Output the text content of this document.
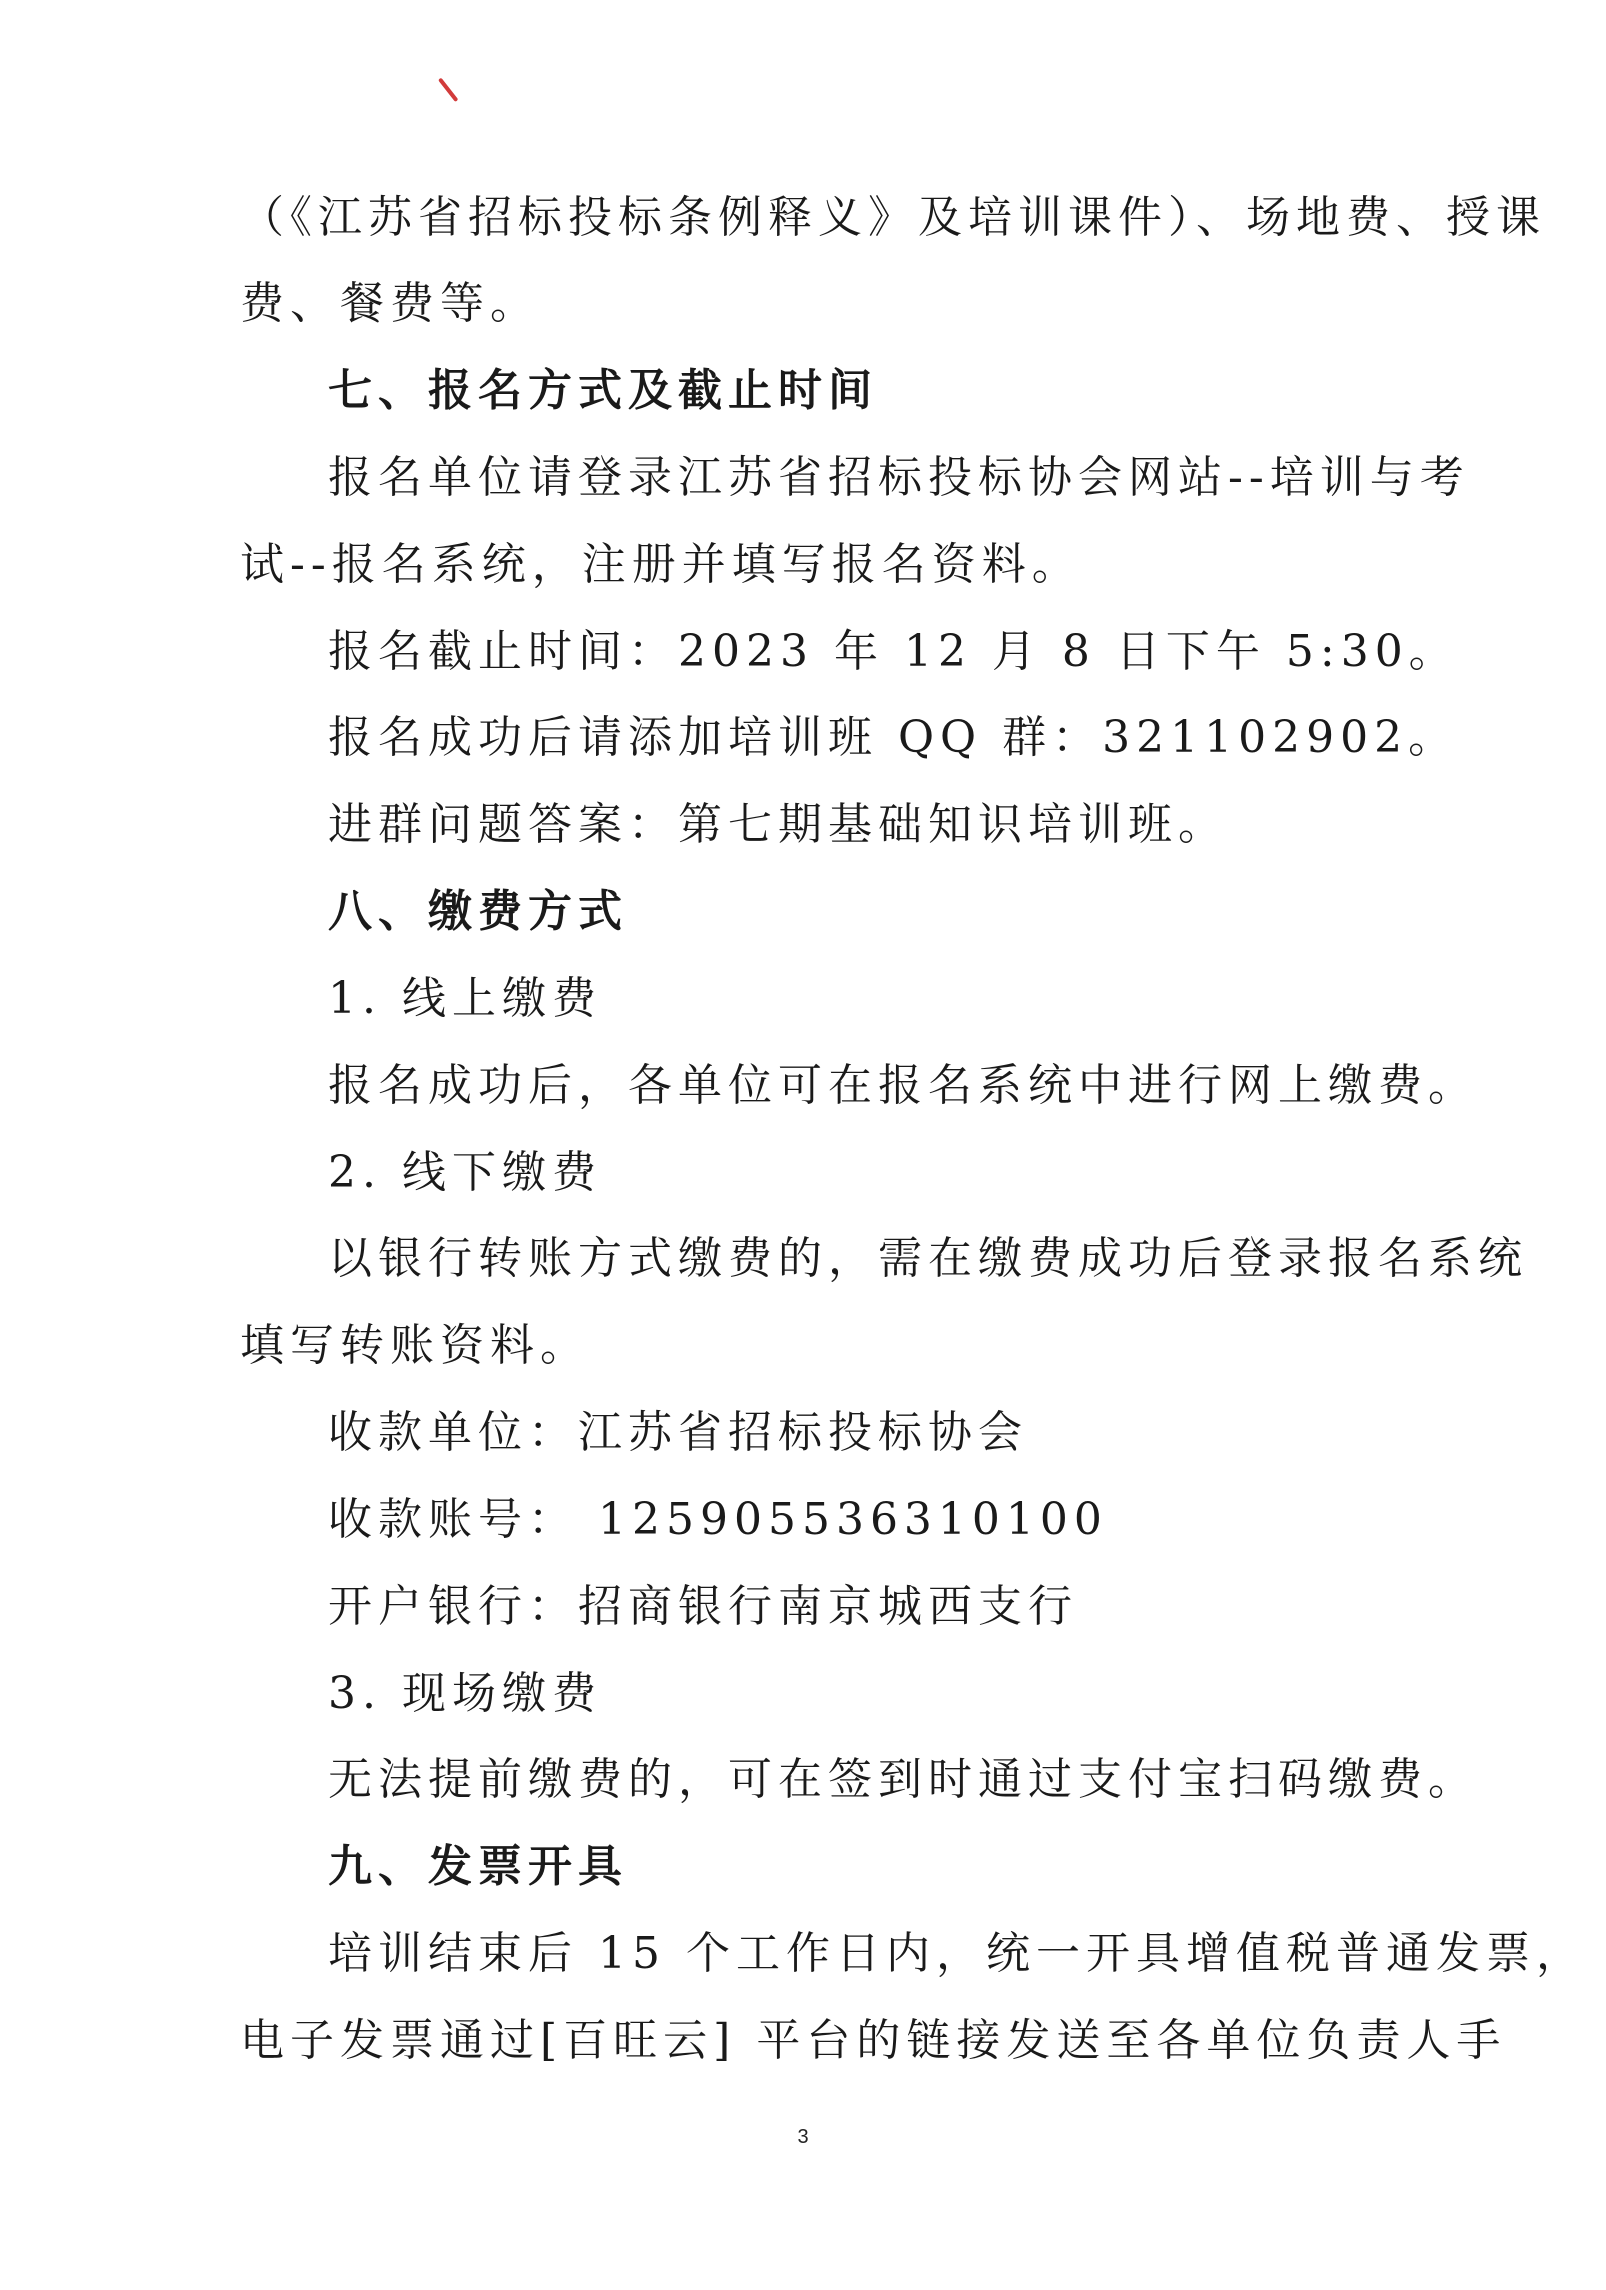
（《江苏省招标投标条例释义》及培训课件）、场地费、授课
费、餐费等。
七、报名方式及截止时间
报名单位请登录江苏省招标投标协会网站--培训与考
试--报名系统，注册并填写报名资料。
报名截止时间：2023 年 12 月 8 日下午 5:30。
报名成功后请添加培训班 QQ 群：321102902。
进群问题答案：第七期基础知识培训班。
八、缴费方式
1. 线上缴费
报名成功后，各单位可在报名系统中进行网上缴费。
2. 线下缴费
以银行转账方式缴费的，需在缴费成功后登录报名系统
填写转账资料。
收款单位：江苏省招标投标协会
收款账号： 125905536310100
开户银行：招商银行南京城西支行
3. 现场缴费
无法提前缴费的，可在签到时通过支付宝扫码缴费。
九、发票开具
培训结束后 15 个工作日内，统一开具增值税普通发票，
电子发票通过[百旺云] 平台的链接发送至各单位负责人手
3
